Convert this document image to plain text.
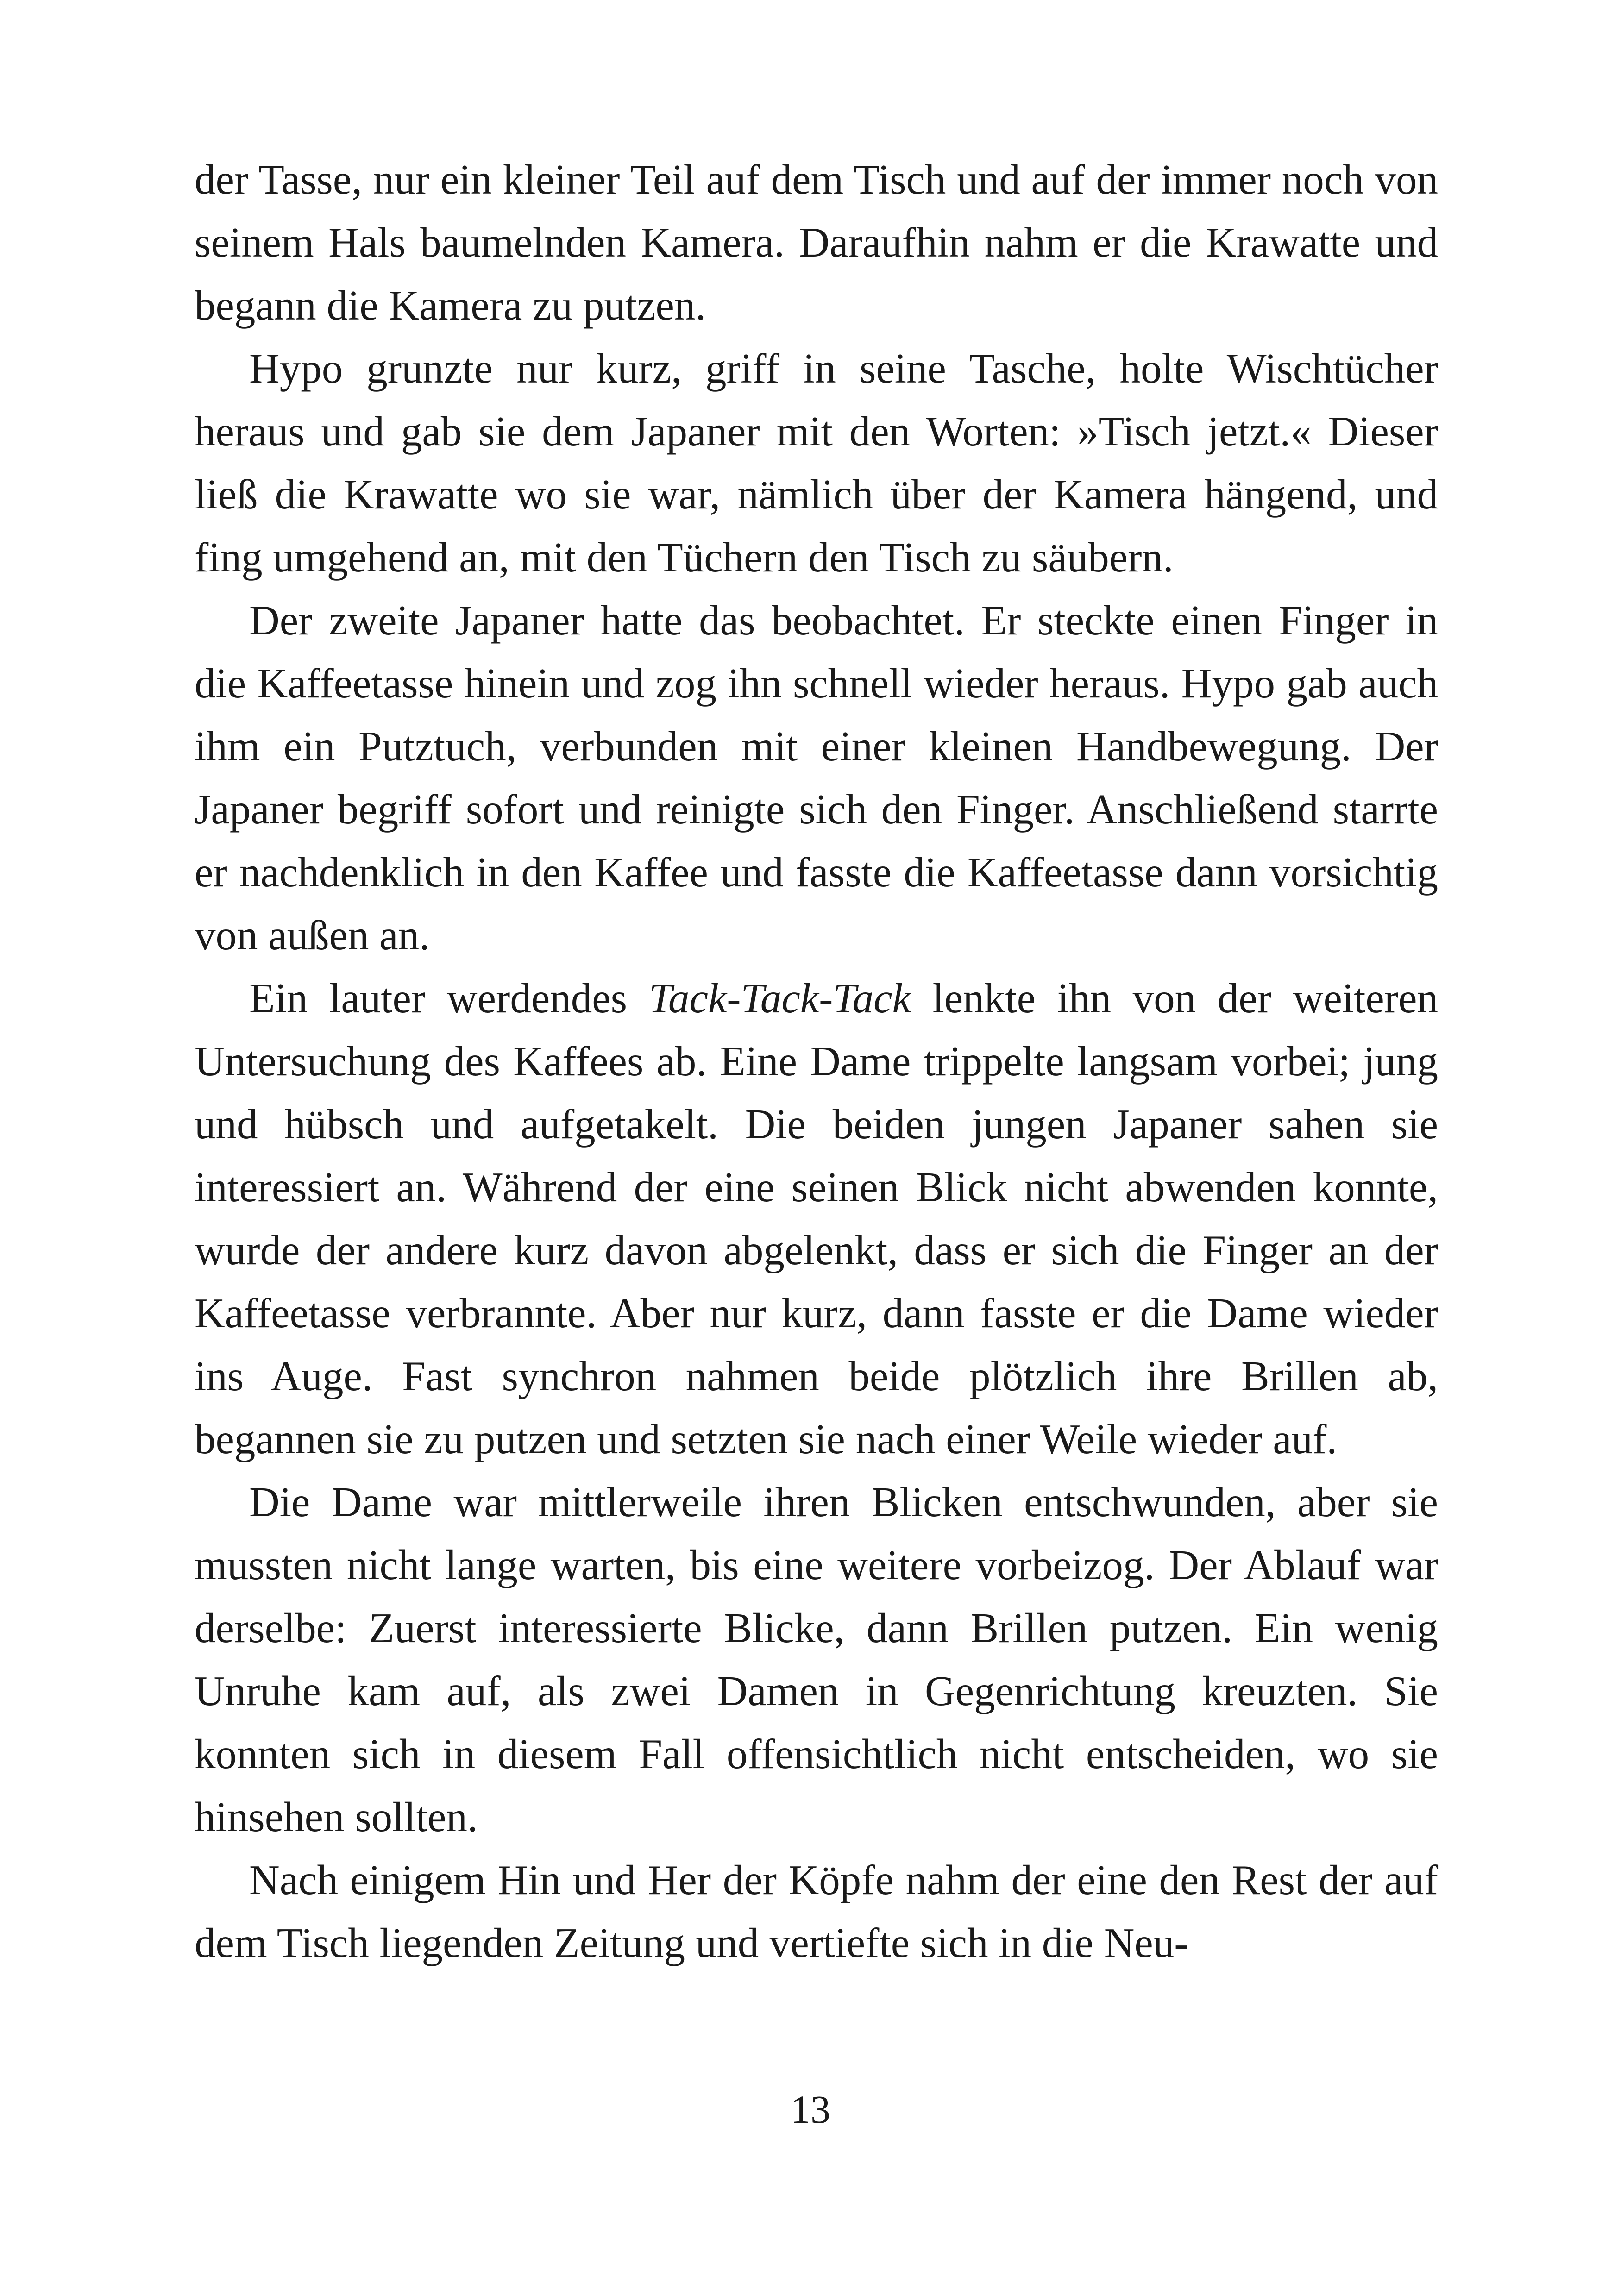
der Tasse, nur ein kleiner Teil auf dem Tisch und auf der immer noch von seinem Hals baumelnden Kamera. Daraufhin nahm er die Krawatte und begann die Kamera zu putzen.

Hypo grunzte nur kurz, griff in seine Tasche, holte Wischtücher heraus und gab sie dem Japaner mit den Worten: »Tisch jetzt.« Dieser ließ die Krawatte wo sie war, nämlich über der Kamera hängend, und fing umgehend an, mit den Tüchern den Tisch zu säubern.

Der zweite Japaner hatte das beobachtet. Er steckte einen Finger in die Kaffeetasse hinein und zog ihn schnell wieder heraus. Hypo gab auch ihm ein Putztuch, verbunden mit einer kleinen Handbewegung. Der Japaner begriff sofort und reinigte sich den Finger. Anschließend starrte er nachdenklich in den Kaffee und fasste die Kaffeetasse dann vorsichtig von außen an.

Ein lauter werdendes Tack-Tack-Tack lenkte ihn von der weiteren Untersuchung des Kaffees ab. Eine Dame trippelte langsam vorbei; jung und hübsch und aufgetakelt. Die beiden jungen Japaner sahen sie interessiert an. Während der eine seinen Blick nicht abwenden konnte, wurde der andere kurz davon abgelenkt, dass er sich die Finger an der Kaffeetasse verbrannte. Aber nur kurz, dann fasste er die Dame wieder ins Auge. Fast synchron nahmen beide plötzlich ihre Brillen ab, begannen sie zu putzen und setzten sie nach einer Weile wieder auf.

Die Dame war mittlerweile ihren Blicken entschwunden, aber sie mussten nicht lange warten, bis eine weitere vorbeizog. Der Ablauf war derselbe: Zuerst interessierte Blicke, dann Brillen putzen. Ein wenig Unruhe kam auf, als zwei Damen in Gegenrichtung kreuzten. Sie konnten sich in diesem Fall offensichtlich nicht entscheiden, wo sie hinsehen sollten.

Nach einigem Hin und Her der Köpfe nahm der eine den Rest der auf dem Tisch liegenden Zeitung und vertiefte sich in die Neu-

13
